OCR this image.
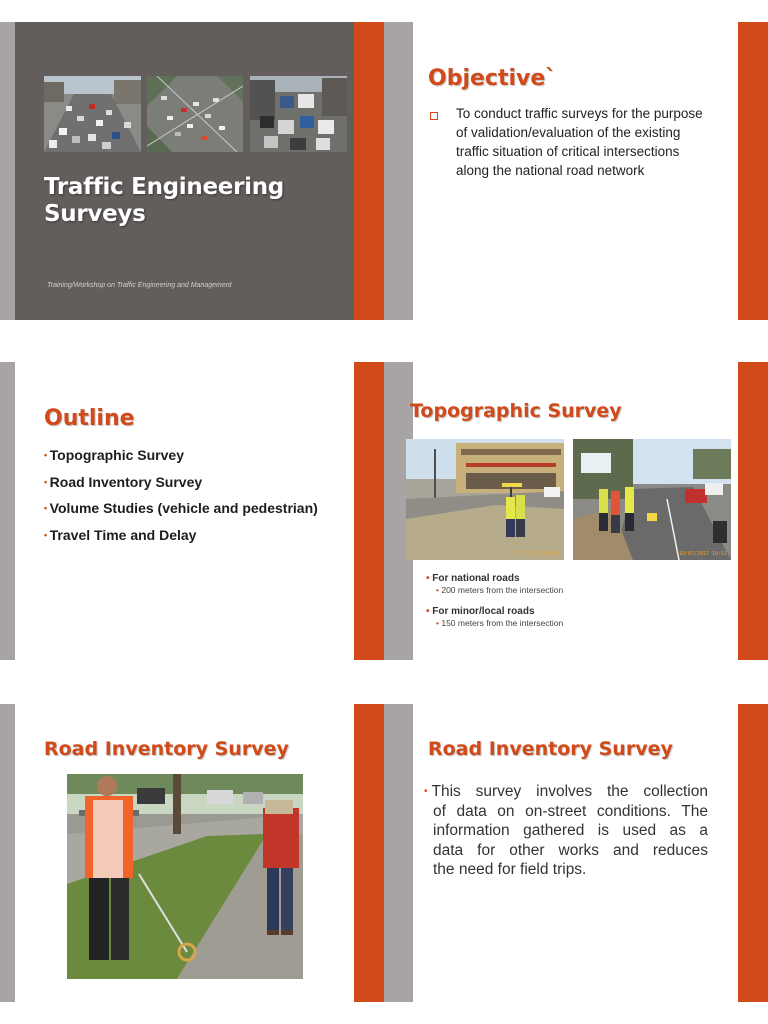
Traffic Engineering
Surveys
Training/Workshop on Traffic Engineering and Management
Objective`
To conduct traffic surveys for the purpose
of validation/evaluation of the existing
traffic situation of critical intersections
along the national road network
Outline
• Topographic Survey
• Road Inventory Survey
• Volume Studies (vehicle and pedestrian)
• Travel Time and Delay
Topographic Survey
10/07/2017 14:11	10/07/2017 10:51
• For national roads
• 200 meters from the intersection
• For minor/local roads
• 150 meters from the intersection
Road Inventory Survey	Road Inventory Survey
• This survey involves the collection
of data on on-street conditions. The
information gathered is used as a
data for other works and reduces
the need for field trips.
